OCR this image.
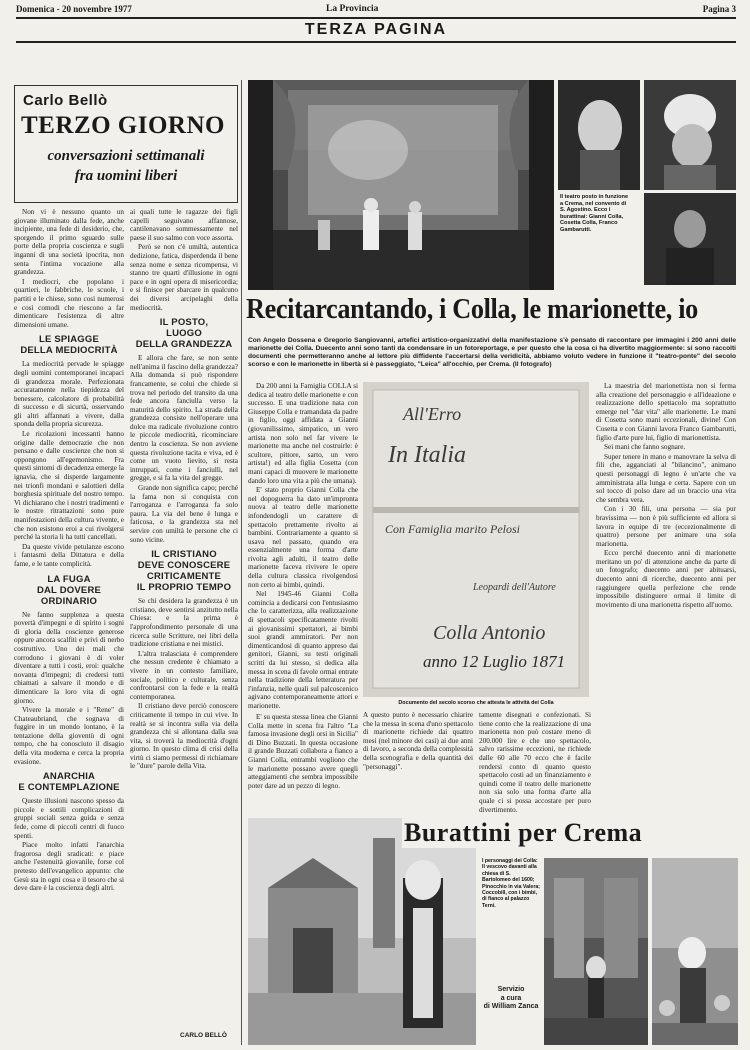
Domenica - 20 novembre 1977	La Provincia	Pagina 3
TERZA PAGINA
Carlo Bellò
TERZO GIORNO
conversazioni settimanali
fra uomini liberi

Non vi è nessuno quanto un giovane illuminato dalla fede, anche incipiente, una fede di desiderio, che, sporgendo il primo sguardo sulle porte della propria coscienza e sugli inganni di una società ipocrita, non senta l'intima vocazione alla grandezza.

I mediocri, che popolano i quartieri, le fabbriche, le scuole, i partiti e le chiese, sono così numerosi e così comodi che riescono a far dimenticare l'esistenza di altre dimensioni umane.

LE SPIAGGE
DELLA MEDIOCRITÀ

La mediocrità pervade le spiagge degli uomini contemporanei incapaci di grandezza morale. Perfezionata accuratamente nella tiepidezza del benessere, calcolatore di probabilità di successo e di sicurtà, osservando gli altri affannati a vivere, dalla sponda della propria sicurezza.

Le ricolazioni incessanti hanno origine dalle democrazie che non pensano e dalle coscienze che non si oppongono all'egemonismo. Fra questi sintomi di decadenza emerge la ignavia, che si disperde largamente nei trionfi mondani e salottieri della borghesia spirituale del nostro tempo. Vi dichiarano che i nostri tradimenti e le nostre ritrattazioni sono pure manifestazioni della cultura vivente, e che non esistono eroi a cui rivolgersi perché la storia li ha tutti cancellati.

Da queste vivide petulanze escono i fantasmi della Dittatura e della fame, e le tante complicità.

LA FUGA
DAL DOVERE
ORDINARIO

Ne fanno supplenza a questa povertà d'impegni e di spirito i sogni di gloria della coscienze generose oppure ancora scalfiti e privi di nerbo costruttivo. Uno dei mali che corrodono i giovani è di voler diventare a tutti i costi, eroi: qualche novanta d'impegni; di credersi tutti chiamati a salvare il mondo e di dimenticare la loro vita di ogni giorno.

Vivere la morale e i "Rene" di Chateaubriand, che sognava di fuggire in un mondo lontano, è la tentazione della gioventù di ogni tempo, che ha conosciuto il disagio della vita moderna e cerca la propria evasione.

ANARCHIA
E CONTEMPLAZIONE

Queste illusioni nascono spesso da piccole e sottili complicazioni di gruppi sociali senza guida e senza fede, come di piccoli centri di fuoco spenti.

Piace molto infatti l'anarchia fragorosa degli sradicati: e piace anche l'estenuità giovanile, forse col pretesto dell'evangelico appunto: che Gesù sta in ogni cosa e il tesoro che si deve dare è la coscienza degli altri.

ai quali tutte le ragazze dei figli capelli seguivano affannose, cantilenavano sommessamente nel paese il suo salmo con voce assorta.

Però se non c'è umiltà, autentica dedizione, fatica, disperdenda il bene senza nome e senza ricompensa, vi stanno tre quarti d'illusione in ogni pace e in ogni opera di misericordia; e si finisce per sbarcare in qualcuno dei diversi arcipelaghi della mediocrità.

IL POSTO,
LUOGO
DELLA GRANDEZZA

E allora che fare, se non sente nell'anima il fascino della grandezza? Alla domanda si può rispondere francamente, se colui che chiede si trova nel periodo del transito da una fede ancora fanciulla verso la maturità dello spirito. La strada della grandezza consiste nell'operare una dolce ma radicale rivoluzione contro le piccole mediocrità, ricominciare dentro la coscienza. Se non avviene questa rivoluzione tacita e viva, ed è come un vuoto lievito, si resta intruppati, come i fanciulli, nel gregge, e si fa la vita del gregge.

Grande non significa capo; perché la fama non si conquista con l'arroganza e l'arroganza fa solo paura. La via del bene è lunga e faticosa, e la grandezza sta nel servire con umiltà le persone che ci sono vicine.

IL CRISTIANO
DEVE CONOSCERE
CRITICAMENTE
IL PROPRIO TEMPO

Se chi desidera la grandezza è un cristiano, deve sentirsi anzitutto nella Chiesa: e la prima è l'approfondimento personale di una ricerca sulle Scritture, nei libri della tradizione cristiana e nei mistici.

L'altra tralasciata è comprendere che nessun credente è chiamato a vivere in un contesto familiare, sociale, politico e culturale, senza confrontarsi con la fede e la realtà contemporanea.

Il cristiano deve perciò conoscere criticamente il tempo in cui vive. In realtà se si incontra sulla via della grandezza chi si allontana dalla sua vita, si troverà la mediocrità d'ogni giorno. In questo clima di crisi della virtù ci siamo permessi di richiamare le "dure" parole della Vita.

CARLO BELLÒ
Il teatro posto in funzione a Crema, nel convento di S. Agostino. Ecco i burattinai: Gianni Colla, Cosetta Colla, Franco Gambarutti.
Recitarcantando, i Colla, le marionette, io
Con Angelo Dossena e Gregorio Sangiovanni, artefici artistico-organizzativi della manifestazione s'è pensato di raccontare per immagini i 200 anni delle marionette dei Colla. Duecento anni sono tanti da condensare in un fotoreportage, e per questo che la cosa ci ha divertito maggiormente: si sono raccolti documenti che permetteranno anche al lettore più diffidente l'accertarsi della veridicità, abbiamo voluto vedere in funzione il "teatro-ponte" del secolo scorso e con le marionette in libertà si è passeggiato, "Leica" all'occhio, per Crema. (Il fotografo)

Da 200 anni la Famiglia COLLA si dedica al teatro delle marionette e con successo. E una tradizione nata con Giuseppe Colla e tramandata da padre in figlio, oggi affidata a Gianni (giovanilissimo, simpatico, un vero artista non solo nel far vivere le marionette ma anche nel costruirle: è scultore, pittore, sarto, un vero artista!) ed alla figlia Cosetta (con mani capaci di muovere le marionette dando loro una vita a più che umana).

E' stato proprio Gianni Colla che nel dopoguerra ha dato un'impronta nuova al teatro delle marionette infondendogli un carattere di spettacolo prettamente rivolto ai bambini. Contrariamente a quanto si usava nel passato, quando era essenzialmente una forma d'arte rivolta agli adulti, il teatro delle marionette faceva rivivere le opere della cultura classica rivolgendosi non certo ai bimbi, quindi.

Nel 1945-46 Gianni Colla comincia a dedicarsi con l'entusiasmo che lo caratterizza, alla realizzazione di spettacoli specificatamente rivolti ai giovanissimi spettatori, ai bimbi suoi grandi ammiratori. Per non dimenticandosi di quanto appreso dai genitori, Gianni, su testi originali scritti da lui stesso, si dedica alla messa in scena di favole ormai entrate nella tradizione della letteratura per l'infanzia, nelle quali sul palcoscenico agivano contemporaneamente attori e marionette.

All'Erro
In Italia
Con Famiglia marito Pelosi
Leopardi dell'Autore
Colla Antonio
anno 12 Luglio 1871
Documento del secolo scorso che attesta le attività dei Colla

E' su questa stessa linea che Gianni Colla mette in scena fra l'altro "La famosa invasione degli orsi in Sicilia" di Dino Buzzati. In questa occasione il grande Buzzati collabora a fianco a Gianni Colla, entrambi vogliono che le marionette possano avere quegli atteggiamenti che sembra impossibile poter dare ad un pezzo di legno.

A questo punto è necessario chiarire che la messa in scena d'uno spettacolo di marionette richiede dai quattro mesi (nel minore dei casi) ai due anni di lavoro, a seconda della complessità della scenografia e della quantità dei "personaggi".

tamente disegnati e confezionati. Si tiene conto che la realizzazione di una marionetta non può costare meno di 200.000 lire e che uno spettacolo, salvo rarissime eccezioni, ne richiede dalle 60 alle 70 ecco che è facile rendersi conto di quanto questo spettacolo costi ad un finanziamento e quindi come il teatro delle marionette non sia solo una forma d'arte alla quale ci si possa accostare per puro divertimento.

La maestria del marionettista non si ferma alla creazione del personaggio e all'ideazione e realizzazione dello spettacolo ma soprattutto emerge nel "dar vita" alle marionette. Le mani di Cosetta sono mani eccezionali, divine! Con Cosetta e con Gianni lavora Franco Gambarutti, figlio d'arte pure lui, figlio di marionettista.

Sei mani che fanno sognare.

Super tenere in mano e manovrare la selva di fili che, agganciati al "bilancino", animano questi personaggi di legno è un'arte che va amministrata alla lunga e certa. Sapere con un sol tocco di polso dare ad un braccio una vita che sembra vera.

Con i 30 fili, una persona — sia pur bravissima — non è più sufficiente ed allora si lavora in equipe di tre (eccezionalmente di quattro) persone per animare una sola marionetta.

Ecco perché duecento anni di marionette meritano un po' di attenzione anche da parte di un fotografo; duecento anni per abituarsi, duecento anni di ricerche, duecento anni per raggiungere quella perfezione che rende impossibile distinguere ormai il limite di movimento di una marionetta rispetto all'uomo.

Burattini per Crema
I personaggi dei Colla: Il vescovo davanti alla chiesa di S. Bartolomeo del 1600; Pinocchio in via Valera; Coccobill, con i bimbi, di fianco al palazzo Terni.
Servizio
a cura
di William Zanca
